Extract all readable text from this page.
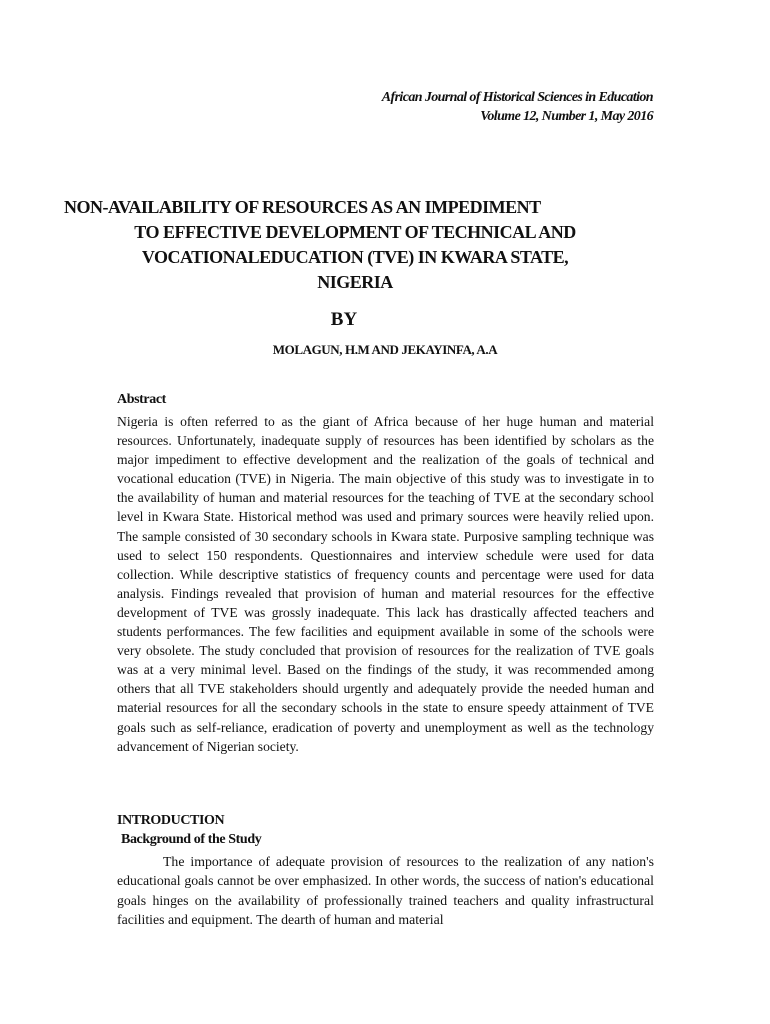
African Journal of Historical Sciences in Education
Volume 12, Number 1, May 2016
NON-AVAILABILITY OF RESOURCES AS AN IMPEDIMENT
TO EFFECTIVE DEVELOPMENT OF TECHNICAL AND
VOCATIONALEDUCATION (TVE) IN KWARA STATE,
NIGERIA
BY
MOLAGUN, H.M AND JEKAYINFA, A.A
Abstract
Nigeria is often referred to as the giant of Africa because of her huge human and material resources. Unfortunately, inadequate supply of resources has been identified by scholars as the major impediment to effective development and the realization of the goals of technical and vocational education (TVE) in Nigeria. The main objective of this study was to investigate in to the availability of human and material resources for the teaching of TVE at the secondary school level in Kwara State. Historical method was used and primary sources were heavily relied upon. The sample consisted of 30 secondary schools in Kwara state. Purposive sampling technique was used to select 150 respondents. Questionnaires and interview schedule were used for data collection. While descriptive statistics of frequency counts and percentage were used for data analysis. Findings revealed that provision of human and material resources for the effective development of TVE was grossly inadequate. This lack has drastically affected teachers and students performances. The few facilities and equipment available in some of the schools were very obsolete. The study concluded that provision of resources for the realization of TVE goals was at a very minimal level. Based on the findings of the study, it was recommended among others that all TVE stakeholders should urgently and adequately provide the needed human and material resources for all the secondary schools in the state to ensure speedy attainment of TVE goals such as self-reliance, eradication of poverty and unemployment as well as the technology advancement of Nigerian society.
INTRODUCTION
Background of the Study
The importance of adequate provision of resources to the realization of any nation's educational goals cannot be over emphasized. In other words, the success of nation's educational goals hinges on the availability of professionally trained teachers and quality infrastructural facilities and equipment. The dearth of human and material
